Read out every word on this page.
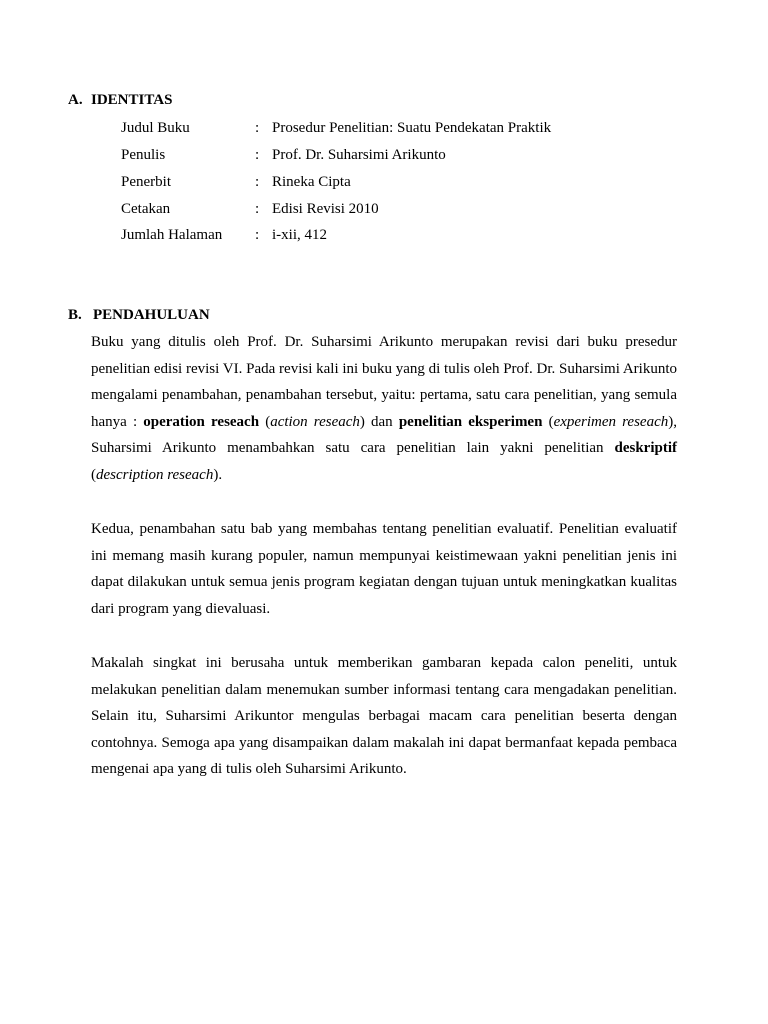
A. IDENTITAS
Judul Buku	: Prosedur Penelitian: Suatu Pendekatan Praktik
Penulis	: Prof. Dr. Suharsimi Arikunto
Penerbit	: Rineka Cipta
Cetakan	: Edisi Revisi 2010
Jumlah Halaman : i-xii, 412
B. PENDAHULUAN

Buku yang ditulis oleh Prof. Dr. Suharsimi Arikunto merupakan revisi dari buku presedur penelitian edisi revisi VI. Pada revisi kali ini buku yang di tulis oleh Prof. Dr. Suharsimi Arikunto mengalami penambahan, penambahan tersebut, yaitu: pertama, satu cara penelitian, yang semula hanya : operation reseach (action reseach) dan penelitian eksperimen (experimen reseach), Suharsimi Arikunto menambahkan satu cara penelitian lain yakni penelitian deskriptif (description reseach).

Kedua, penambahan satu bab yang membahas tentang penelitian evaluatif. Penelitian evaluatif ini memang masih kurang populer, namun mempunyai keistimewaan yakni penelitian jenis ini dapat dilakukan untuk semua jenis program kegiatan dengan tujuan untuk meningkatkan kualitas dari program yang dievaluasi.

Makalah singkat ini berusaha untuk memberikan gambaran kepada calon peneliti, untuk melakukan penelitian dalam menemukan sumber informasi tentang cara mengadakan penelitian. Selain itu, Suharsimi Arikuntor mengulas berbagai macam cara penelitian beserta dengan contohnya. Semoga apa yang disampaikan dalam makalah ini dapat bermanfaat kepada pembaca mengenai apa yang di tulis oleh Suharsimi Arikunto.
